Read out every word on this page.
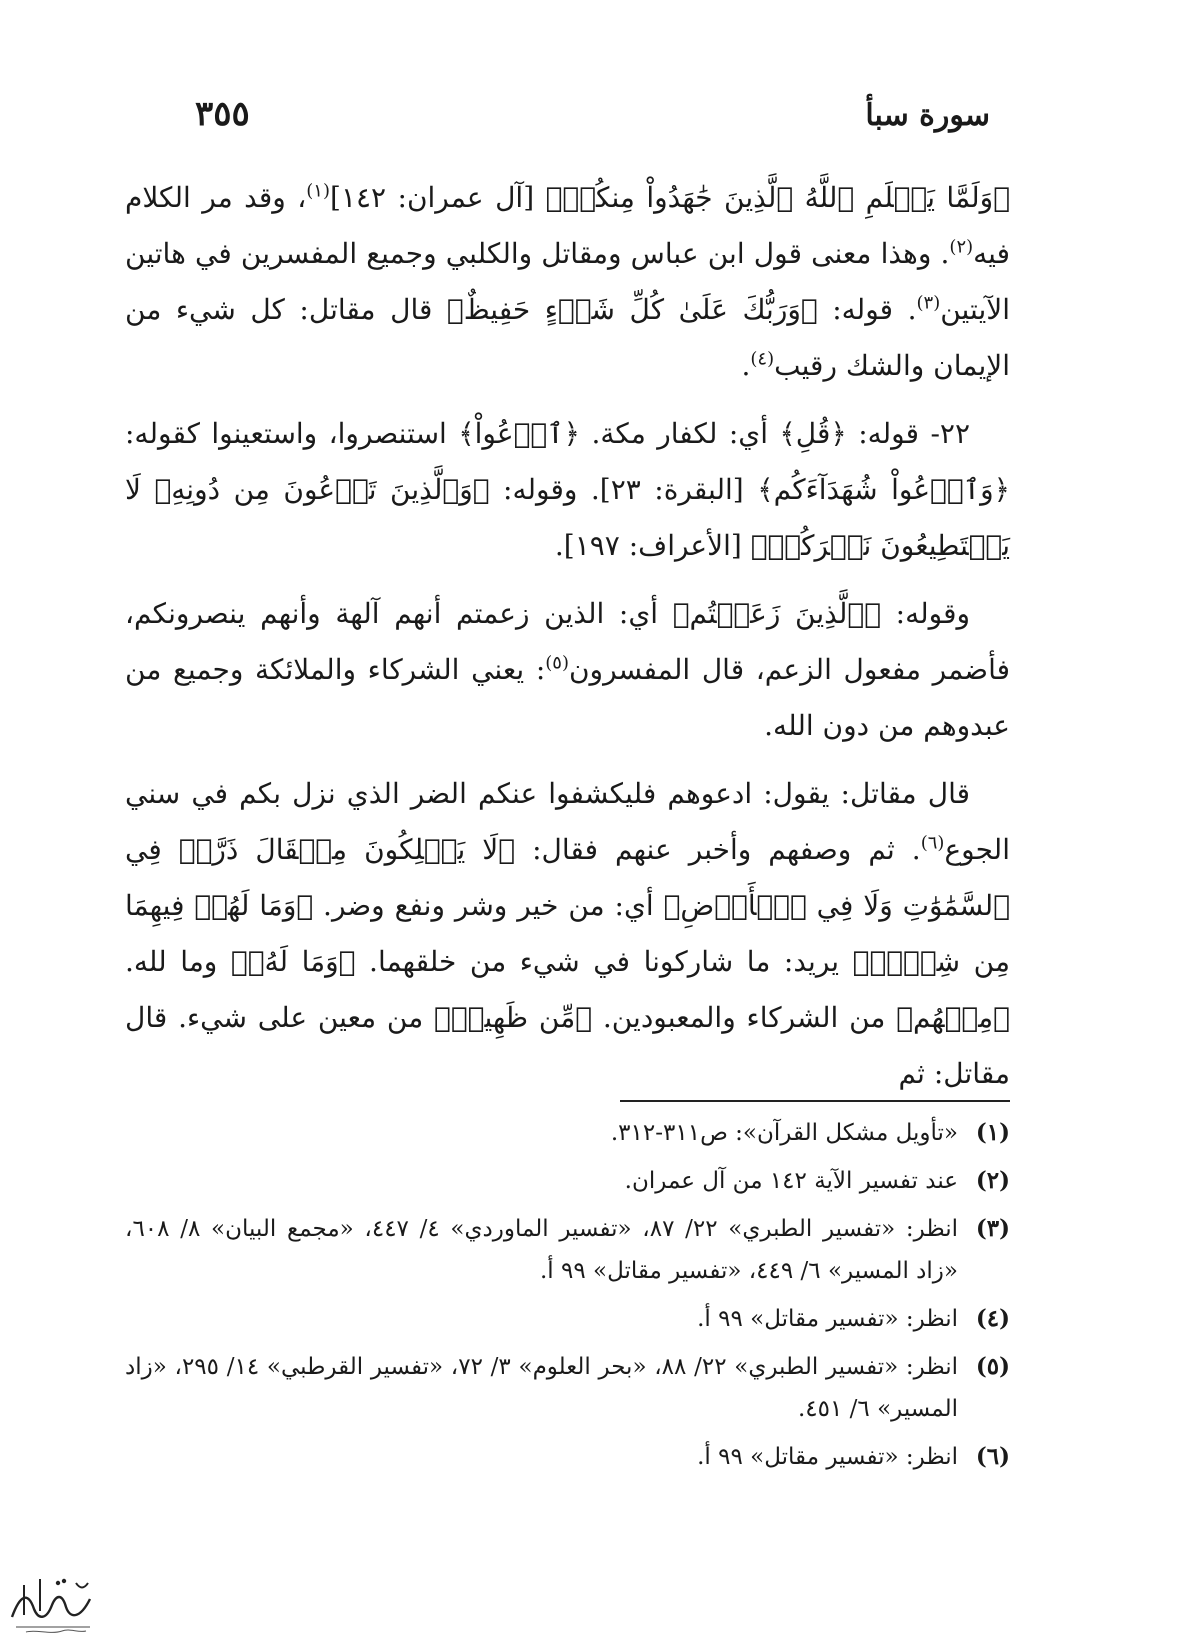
سورة سبأ
٣٥٥

﴿وَلَمَّا يَعۡلَمِ ٱللَّهُ ٱلَّذِينَ جَٰهَدُواْ مِنكُمۡ﴾ [آل عمران: ١٤٢]$^{(١)}$، وقد مر الكلام فيه$^{(٢)}$. وهذا معنى قول ابن عباس ومقاتل والكلبي وجميع المفسرين في هاتين الآيتين$^{(٣)}$. قوله: ﴿وَرَبُّكَ عَلَىٰ كُلِّ شَيۡءٍ حَفِيظٌ﴾ قال مقاتل: كل شيء من الإيمان والشك رقيب$^{(٤)}$.

٢٢- قوله: ﴿قُلِ﴾ أي: لكفار مكة. ﴿ٱدۡعُواْ﴾ استنصروا، واستعينوا كقوله: ﴿وَٱدۡعُواْ شُهَدَآءَكُم﴾ [البقرة: ٢٣]. وقوله: ﴿وَٱلَّذِينَ تَدۡعُونَ مِن دُونِهِۦ لَا يَسۡتَطِيعُونَ نَصۡرَكُمۡ﴾ [الأعراف: ١٩٧].

وقوله: ﴿ٱلَّذِينَ زَعَمۡتُم﴾ أي: الذين زعمتم أنهم آلهة وأنهم ينصرونكم، فأضمر مفعول الزعم، قال المفسرون$^{(٥)}$: يعني الشركاء والملائكة وجميع من عبدوهم من دون الله.

قال مقاتل: يقول: ادعوهم فليكشفوا عنكم الضر الذي نزل بكم في سني الجوع$^{(٦)}$. ثم وصفهم وأخبر عنهم فقال: ﴿لَا يَمۡلِكُونَ مِثۡقَالَ ذَرَّةٖ فِي ٱلسَّمَٰوَٰتِ وَلَا فِي ٱلۡأَرۡضِ﴾ أي: من خير وشر ونفع وضر. ﴿وَمَا لَهُمۡ فِيهِمَا مِن شِرۡكٖ﴾ يريد: ما شاركونا في شيء من خلقهما. ﴿وَمَا لَهُۥ﴾ وما لله. ﴿مِنۡهُم﴾ من الشركاء والمعبودين. ﴿مِّن ظَهِيرٖ﴾ من معين على شيء. قال مقاتل: ثم

(١)
«تأويل مشكل القرآن»: ص٣١١-٣١٢.
(٢)
عند تفسير الآية ١٤٢ من آل عمران.
(٣)
انظر: «تفسير الطبري» ٢٢/ ٨٧، «تفسير الماوردي» ٤/ ٤٤٧، «مجمع البيان» ٨/ ٦٠٨، «زاد المسير» ٦/ ٤٤٩، «تفسير مقاتل» ٩٩ أ.
(٤)
انظر: «تفسير مقاتل» ٩٩ أ.
(٥)
انظر: «تفسير الطبري» ٢٢/ ٨٨، «بحر العلوم» ٣/ ٧٢، «تفسير القرطبي» ١٤/ ٢٩٥، «زاد المسير» ٦/ ٤٥١.
(٦)
انظر: «تفسير مقاتل» ٩٩ أ.
